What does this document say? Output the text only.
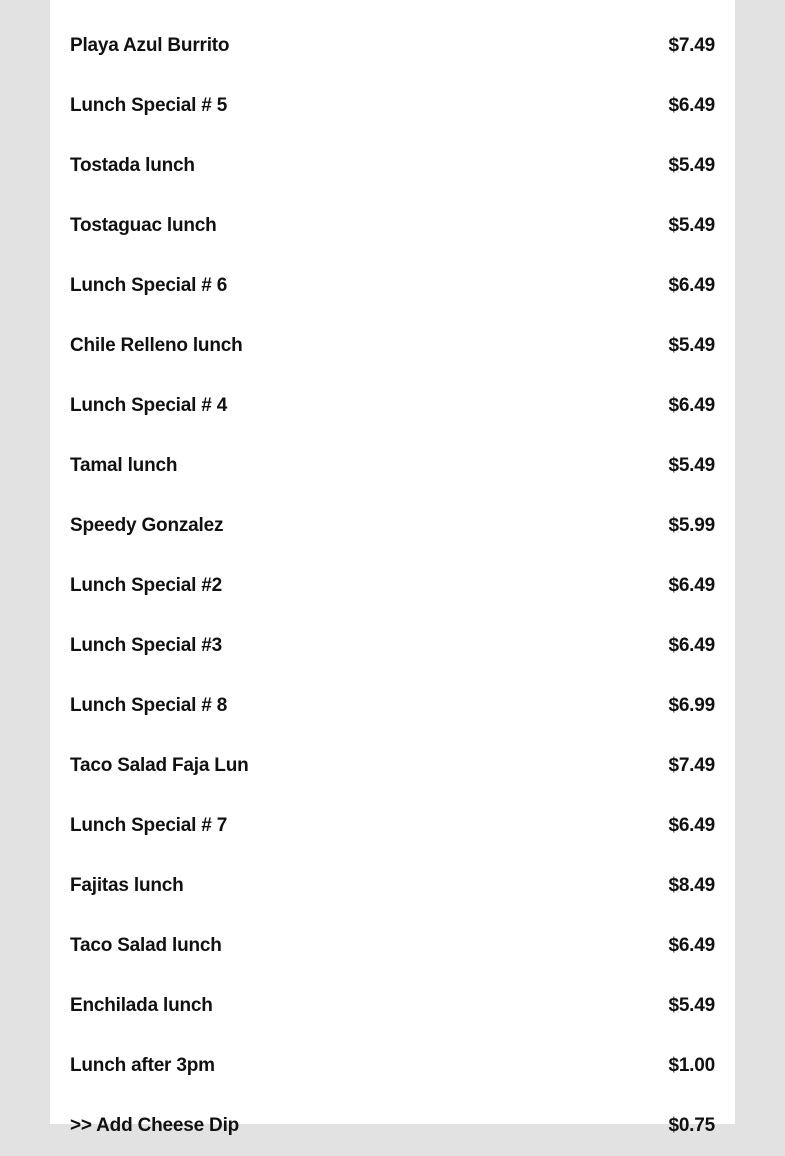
Playa Azul Burrito	$7.49
Lunch Special # 5	$6.49
Tostada lunch	$5.49
Tostaguac lunch	$5.49
Lunch Special # 6	$6.49
Chile Relleno lunch	$5.49
Lunch Special # 4	$6.49
Tamal lunch	$5.49
Speedy Gonzalez	$5.99
Lunch Special #2	$6.49
Lunch Special #3	$6.49
Lunch Special # 8	$6.99
Taco Salad Faja Lun	$7.49
Lunch Special # 7	$6.49
Fajitas lunch	$8.49
Taco Salad lunch	$6.49
Enchilada lunch	$5.49
Lunch after 3pm	$1.00
>> Add Cheese Dip	$0.75
